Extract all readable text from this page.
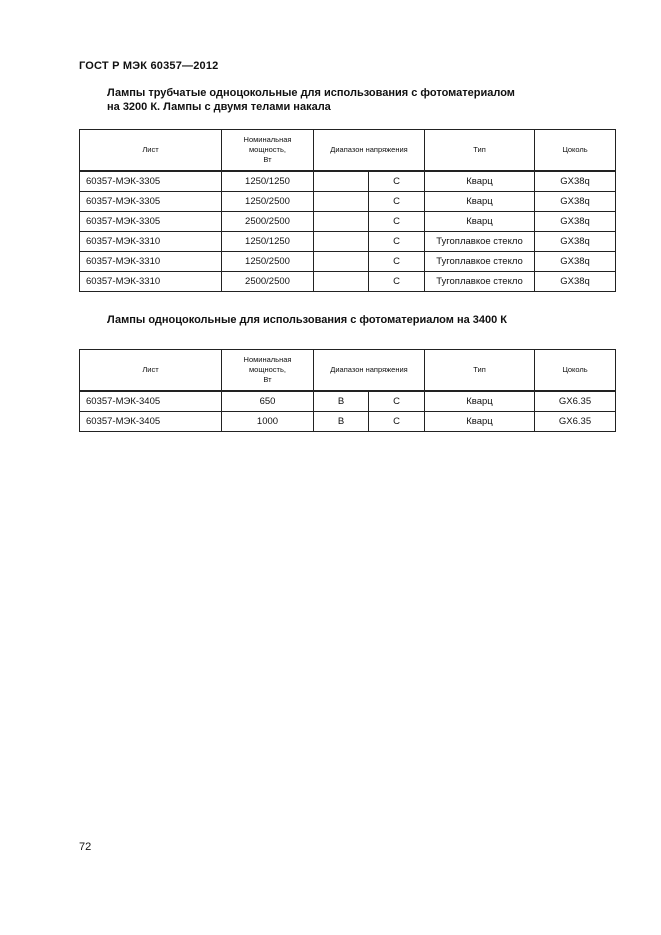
ГОСТ Р МЭК 60357—2012
Лампы трубчатые одноцокольные для использования с фотоматериалом
на 3200 К. Лампы с двумя телами накала
Лист	Номинальная
мощность,
Вт	Диапазон напряжения		Тип	Цоколь
60357-МЭК-3305	1250/1250		С	Кварц	GX38q
60357-МЭК-3305	1250/2500		С	Кварц	GX38q
60357-МЭК-3305	2500/2500		С	Кварц	GX38q
60357-МЭК-3310	1250/1250		С	Тугоплавкое стекло	GX38q
60357-МЭК-3310	1250/2500		С	Тугоплавкое стекло	GX38q
60357-МЭК-3310	2500/2500		С	Тугоплавкое стекло	GX38q
Лампы одноцокольные для использования с фотоматериалом на 3400 К
Лист	Номинальная
мощность,
Вт	Диапазон напряжения		Тип	Цоколь
60357-МЭК-3405	650	В	С	Кварц	GX6.35
60357-МЭК-3405	1000	В	С	Кварц	GX6.35
72
